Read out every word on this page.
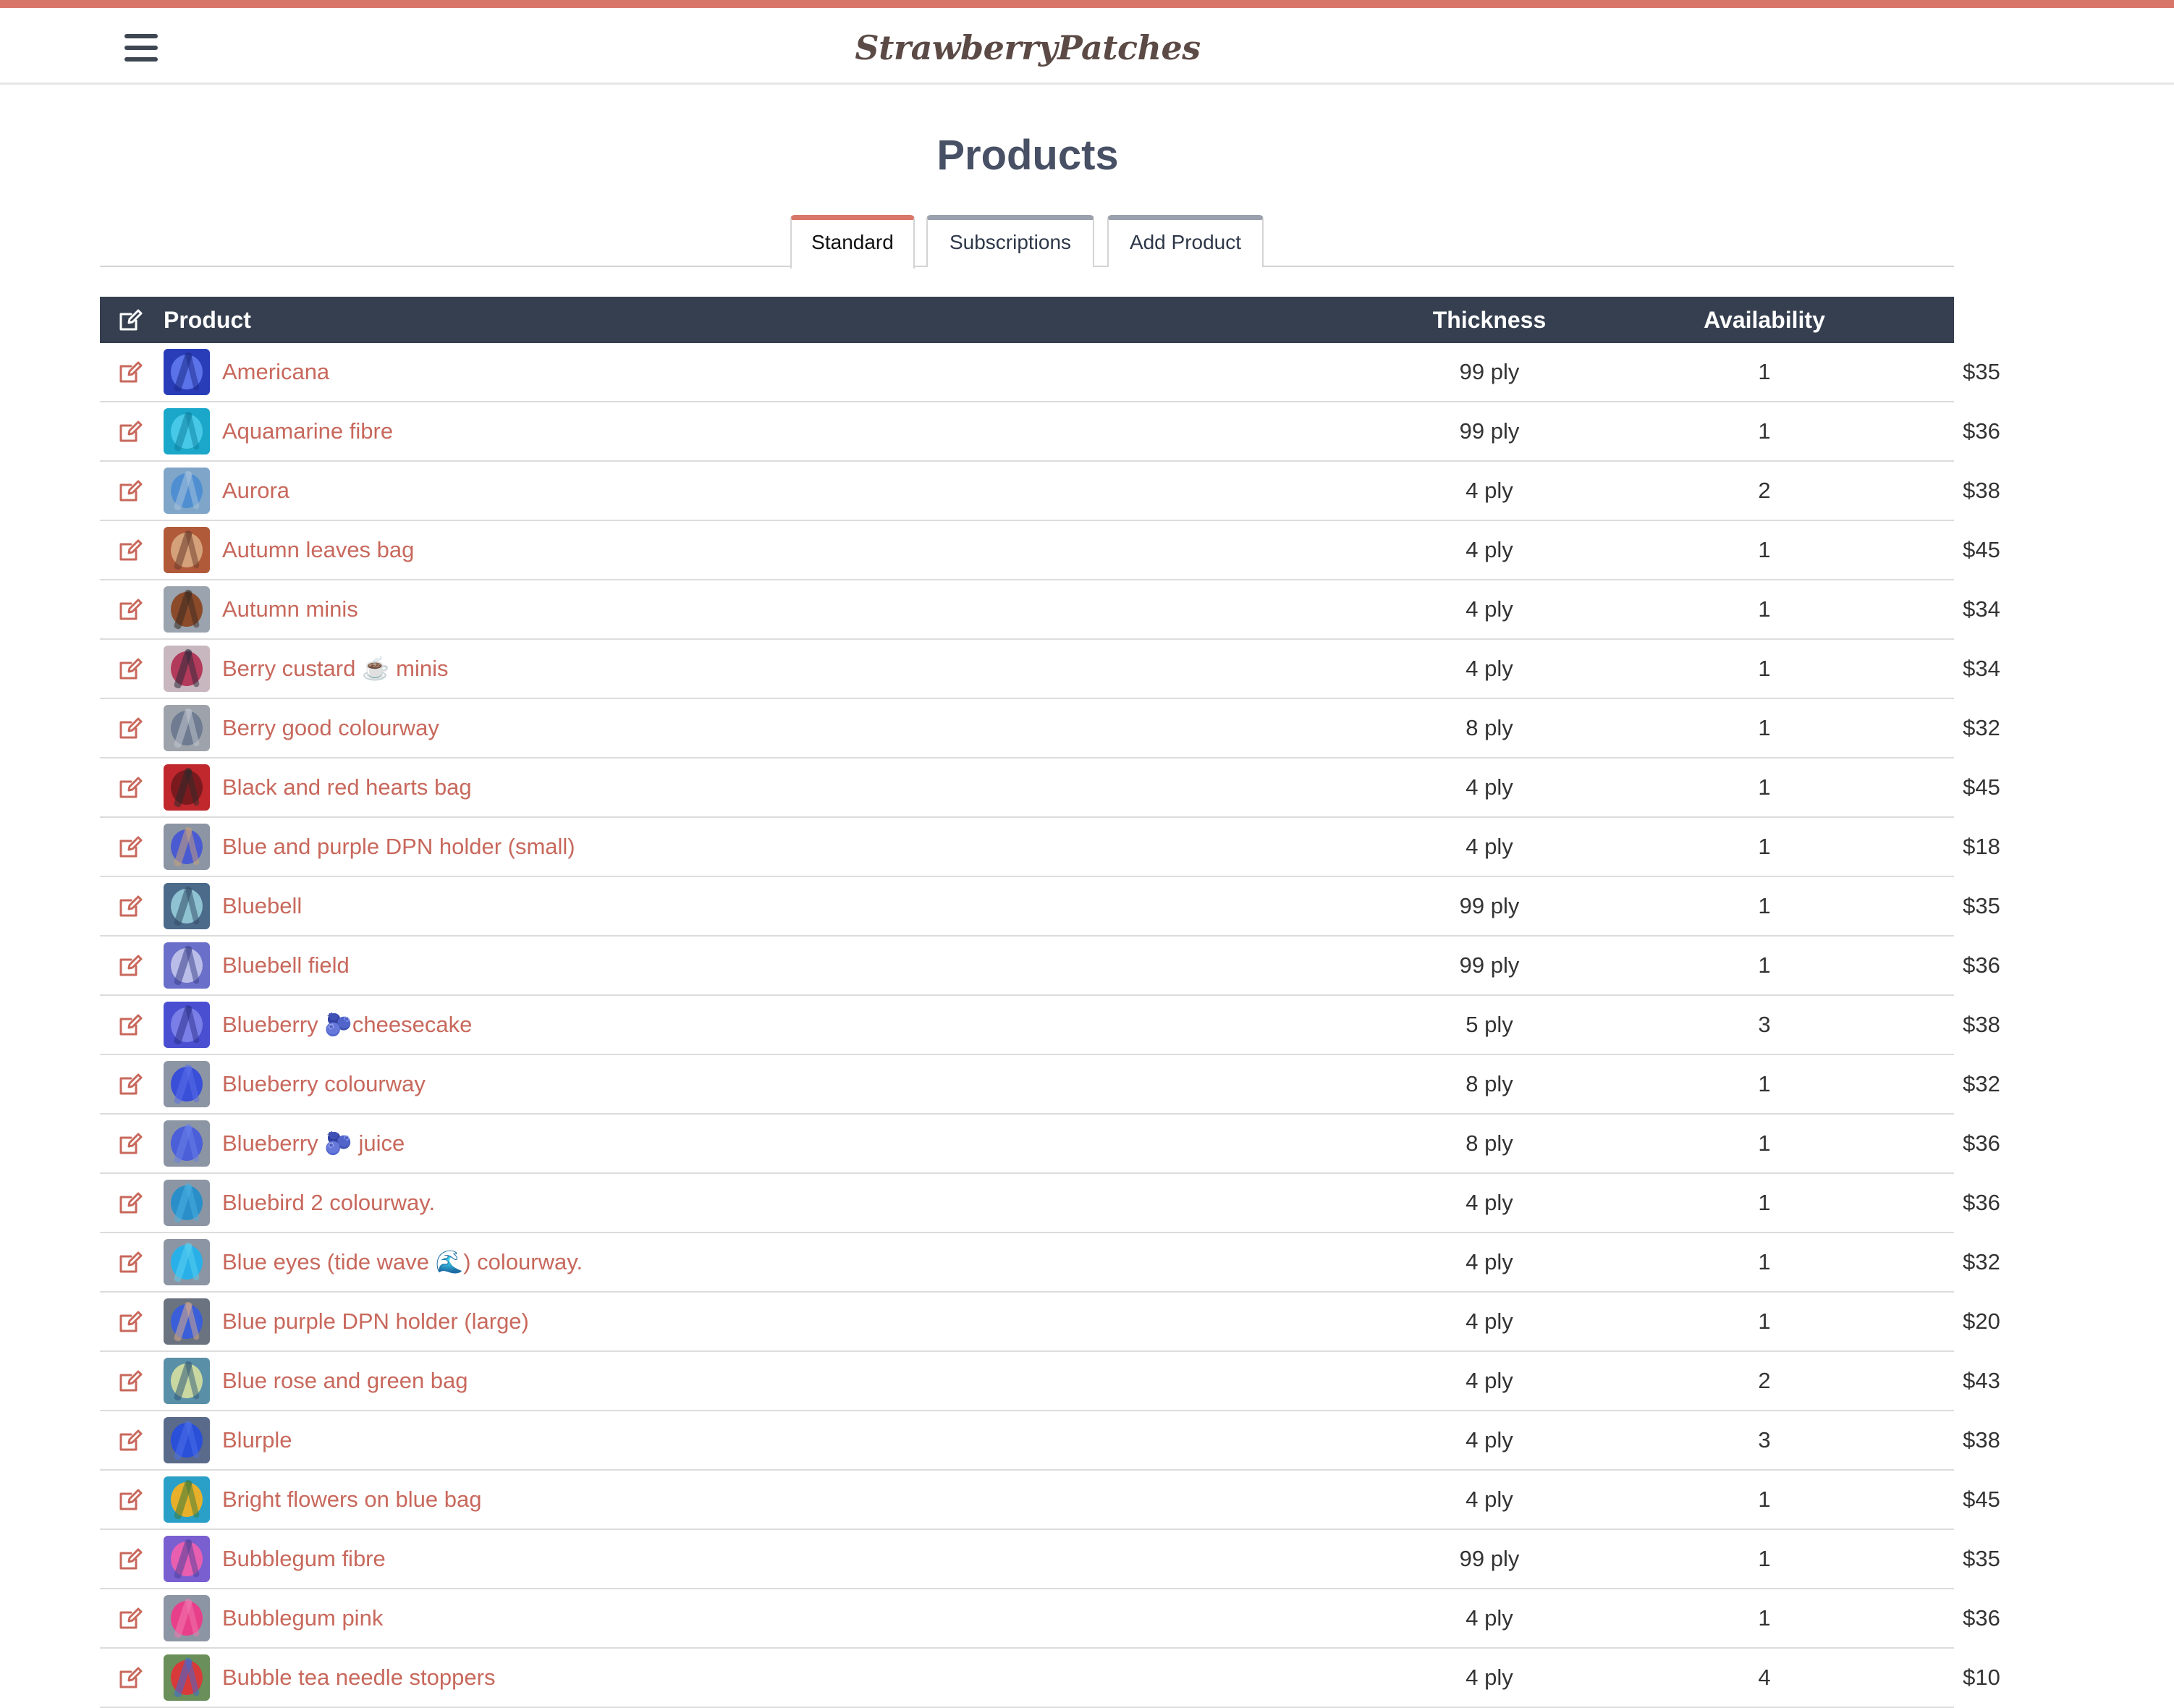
StrawberryPatches
Products
Standard	Subscriptions	Add Product
Product	Thickness	Availability	Price
Americana	99 ply	1	$35
Aquamarine fibre	99 ply	1	$36
Aurora	4 ply	2	$38
Autumn leaves bag	4 ply	1	$45
Autumn minis	4 ply	1	$34
Berry custard ☕️ minis	4 ply	1	$34
Berry good colourway	8 ply	1	$32
Black and red hearts bag	4 ply	1	$45
Blue and purple DPN holder (small)	4 ply	1	$18
Bluebell	99 ply	1	$35
Bluebell field	99 ply	1	$36
Blueberry 🫐cheesecake	5 ply	3	$38
Blueberry colourway	8 ply	1	$32
Blueberry 🫐 juice	8 ply	1	$36
Bluebird 2 colourway.	4 ply	1	$36
Blue eyes (tide wave 🌊) colourway.	4 ply	1	$32
Blue purple DPN holder (large)	4 ply	1	$20
Blue rose and green bag	4 ply	2	$43
Blurple	4 ply	3	$38
Bright flowers on blue bag	4 ply	1	$45
Bubblegum fibre	99 ply	1	$35
Bubblegum pink	4 ply	1	$36
Bubble tea needle stoppers	4 ply	4	$10
